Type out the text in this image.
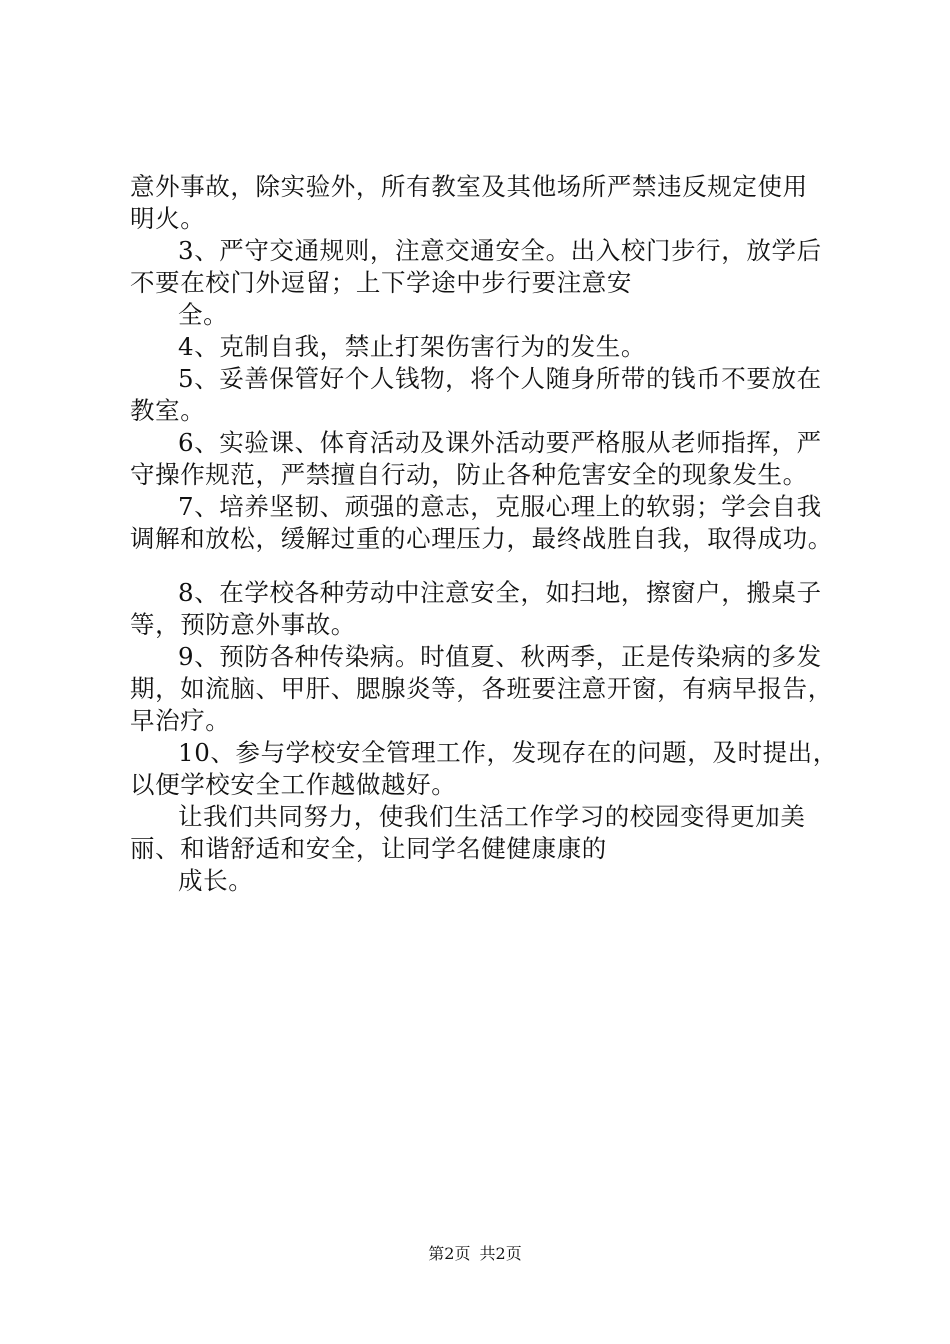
意外事故，除实验外，所有教室及其他场所严禁违反规定使用
明火。
3、严守交通规则，注意交通安全。出入校门步行，放学后
不要在校门外逗留；上下学途中步行要注意安
全。
4、克制自我，禁止打架伤害行为的发生。
5、妥善保管好个人钱物，将个人随身所带的钱币不要放在
教室。
6、实验课、体育活动及课外活动要严格服从老师指挥，严
守操作规范，严禁擅自行动，防止各种危害安全的现象发生。
7、培养坚韧、顽强的意志，克服心理上的软弱；学会自我
调解和放松，缓解过重的心理压力，最终战胜自我，取得成功。
8、在学校各种劳动中注意安全，如扫地，擦窗户，搬桌子
等，预防意外事故。
9、预防各种传染病。时值夏、秋两季，正是传染病的多发
期，如流脑、甲肝、腮腺炎等，各班要注意开窗，有病早报告，
早治疗。
10、参与学校安全管理工作，发现存在的问题，及时提出，
以便学校安全工作越做越好。
让我们共同努力，使我们生活工作学习的校园变得更加美
丽、和谐舒适和安全，让同学名健健康康的
成长。
第2页 共2页
